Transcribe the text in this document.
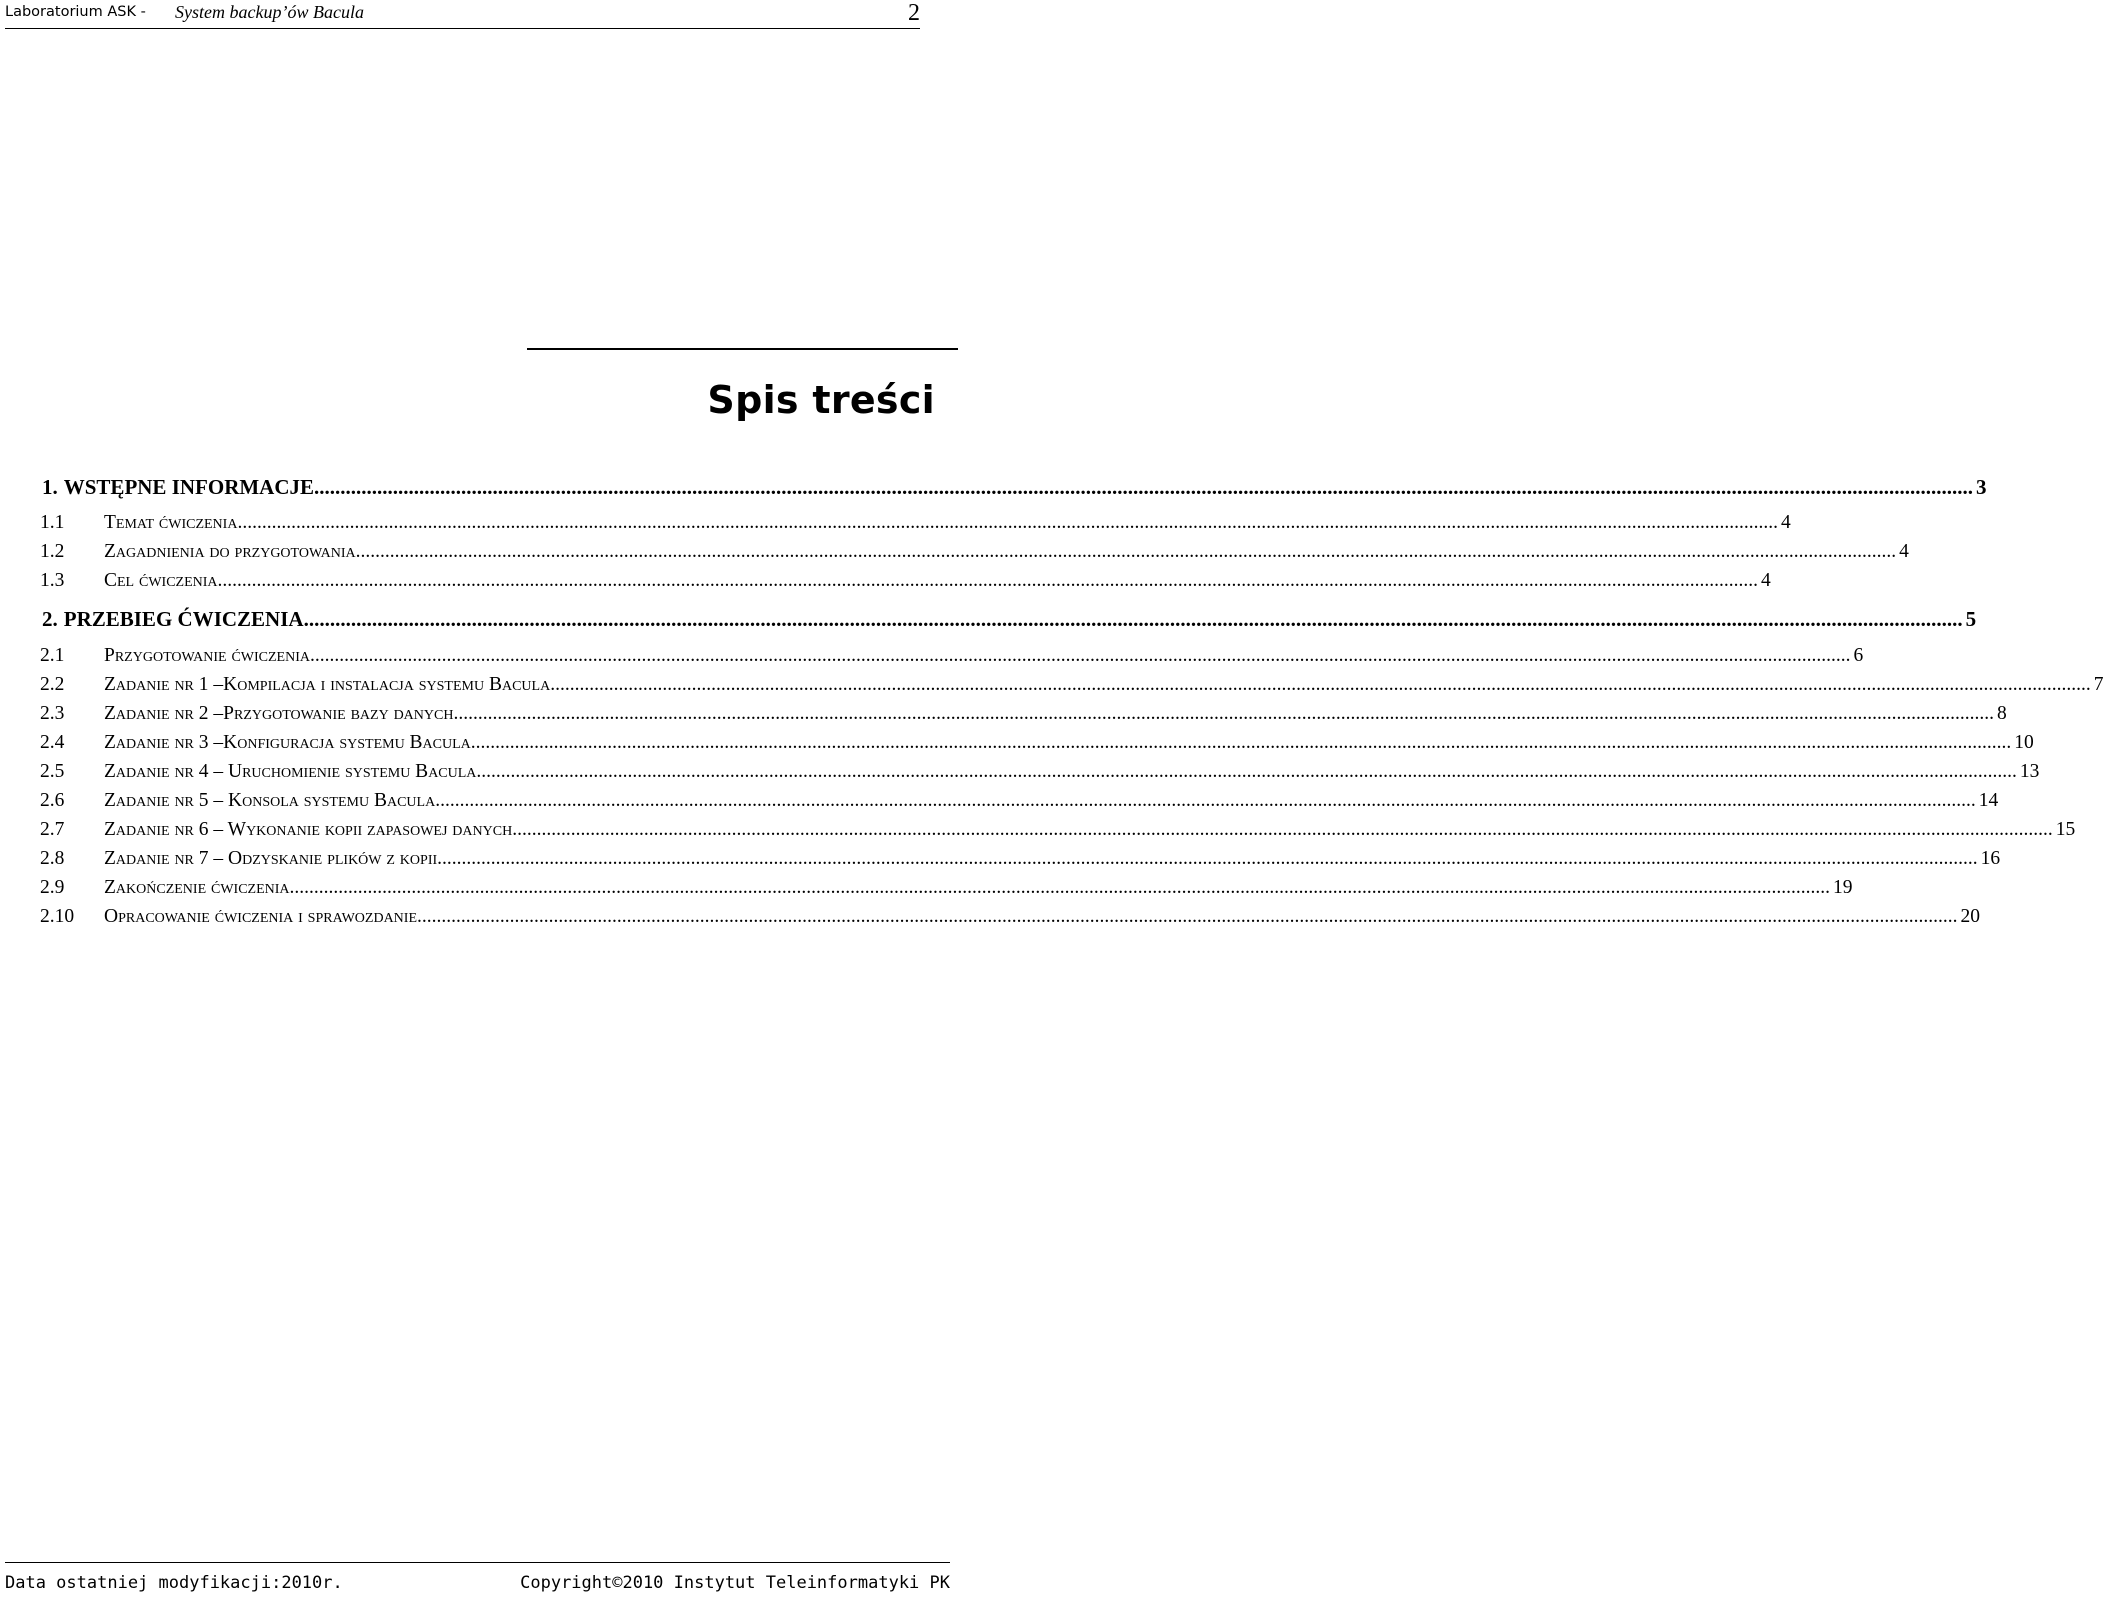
Laboratorium ASK - System backup’ów Bacula	2
Spis treści
1. WSTĘPNE INFORMACJE .....	3
1.1	Temat ćwiczenia .....	4
1.2	Zagadnienia do przygotowania .....	4
1.3	Cel ćwiczenia .....	4
2. PRZEBIEG ĆWICZENIA .....	5
2.1	Przygotowanie ćwiczenia .....	6
2.2	Zadanie nr 1 –Kompilacja i instalacja systemu Bacula .....	7
2.3	Zadanie nr 2 –Przygotowanie bazy danych .....	8
2.4	Zadanie nr 3 –Konfiguracja systemu Bacula .....	10
2.5	Zadanie nr 4 – Uruchomienie systemu Bacula .....	13
2.6	Zadanie nr 5 – Konsola systemu Bacula .....	14
2.7	Zadanie nr 6 – Wykonanie kopii zapasowej danych .....	15
2.8	Zadanie nr 7 – Odzyskanie plików z kopii .....	16
2.9	Zakończenie ćwiczenia .....	19
2.10	Opracowanie ćwiczenia i sprawozdanie .....	20
Data ostatniej modyfikacji:2010r.	Copyright©2010 Instytut Teleinformatyki PK
